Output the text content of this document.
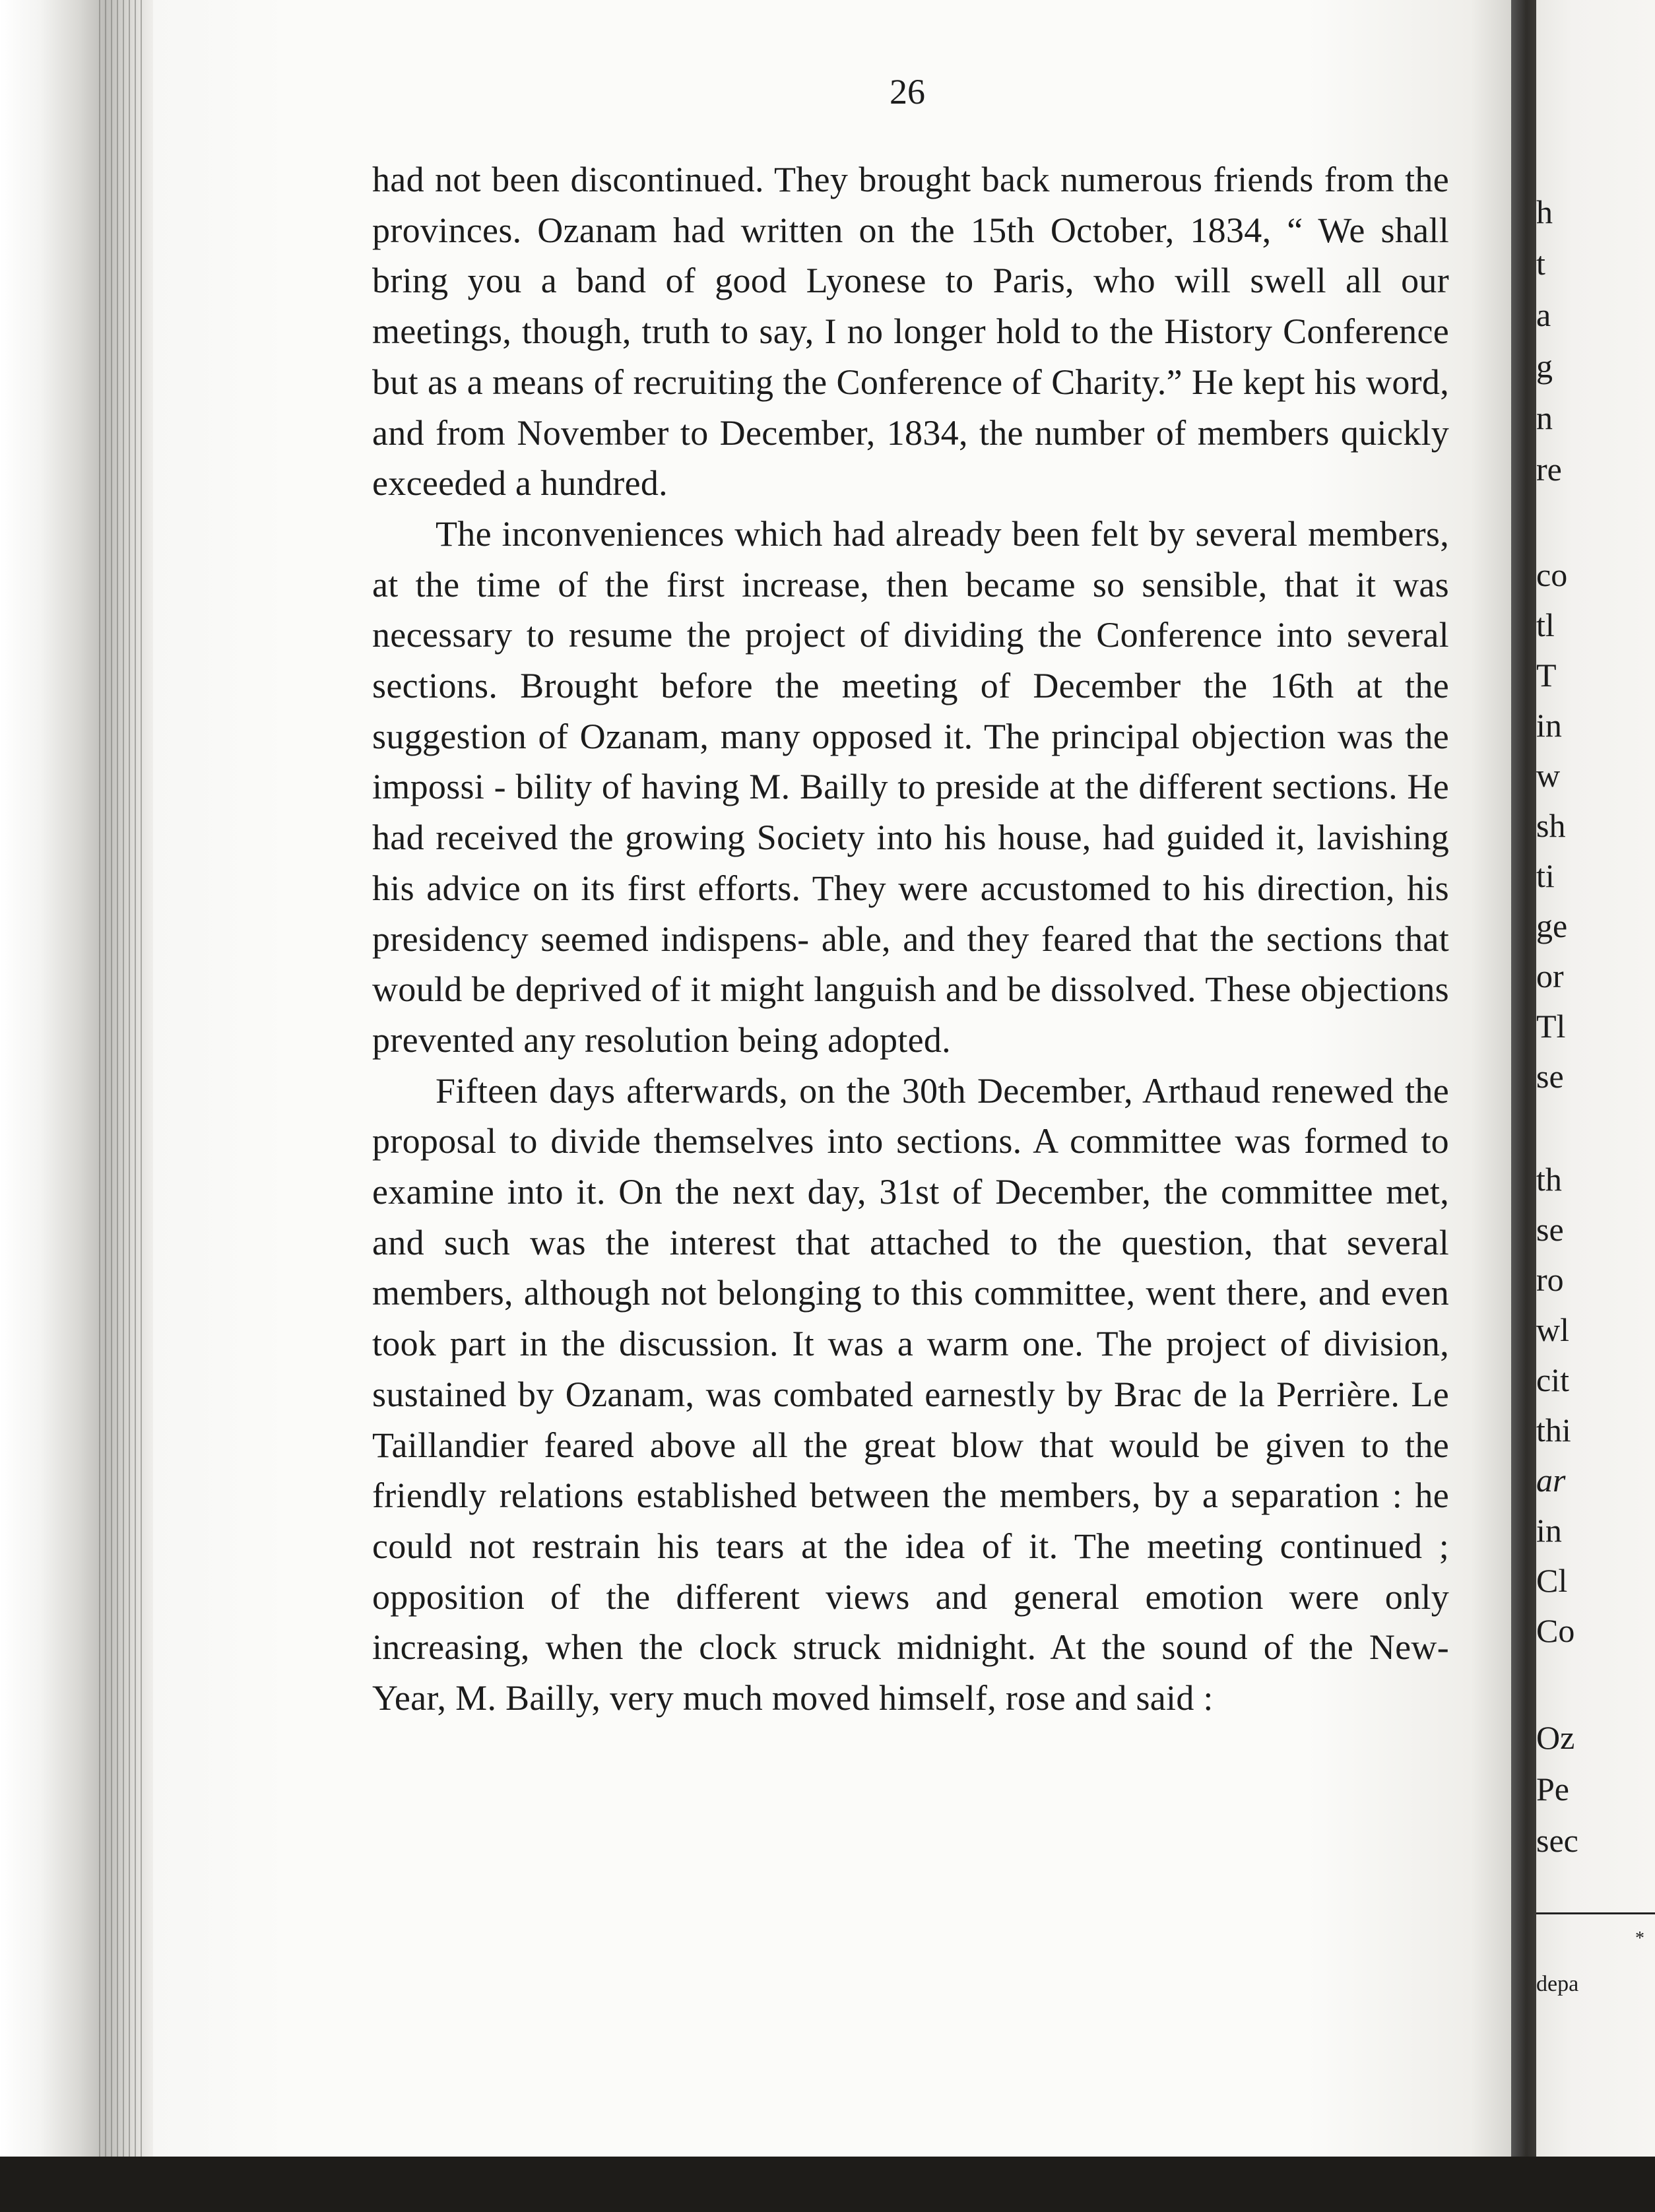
26

had not been discontinued. They brought back numerous friends from the provinces. Ozanam had written on the 15th October, 1834, “ We shall bring you a band of good Lyonese to Paris, who will swell all our meetings, though, truth to say, I no longer hold to the History Conference but as a means of recruiting the Conference of Charity.” He kept his word, and from November to December, 1834, the number of members quickly exceeded a hundred.

The inconveniences which had already been felt by several members, at the time of the first increase, then became so sensible, that it was necessary to resume the project of dividing the Conference into several sections. Brought before the meeting of December the 16th at the suggestion of Ozanam, many opposed it. The principal objection was the impossi - bility of having M. Bailly to preside at the different sections. He had received the growing Society into his house, had guided it, lavishing his advice on its first efforts. They were accustomed to his direction, his presidency seemed indispens- able, and they feared that the sections that would be deprived of it might languish and be dissolved. These objections prevented any resolution being adopted.

Fifteen days afterwards, on the 30th December, Arthaud renewed the proposal to divide themselves into sections. A committee was formed to examine into it. On the next day, 31st of December, the committee met, and such was the interest that attached to the question, that several members, although not belonging to this committee, went there, and even took part in the discussion. It was a warm one. The project of division, sustained by Ozanam, was combated earnestly by Brac de la Perrière. Le Taillandier feared above all the great blow that would be given to the friendly relations established between the members, by a separation : he could not restrain his tears at the idea of it. The meeting continued ; opposition of the different views and general emotion were only increasing, when the clock struck midnight. At the sound of the New-Year, M. Bailly, very much moved himself, rose and said :

h
t
a
g
n
re
co
tl
T
in
w
sh
ti
ge
or
Tl
se
th
se
ro
wl
cit
thi
ar
in
Cl
Co
Oz
Pe
sec
*
depa
